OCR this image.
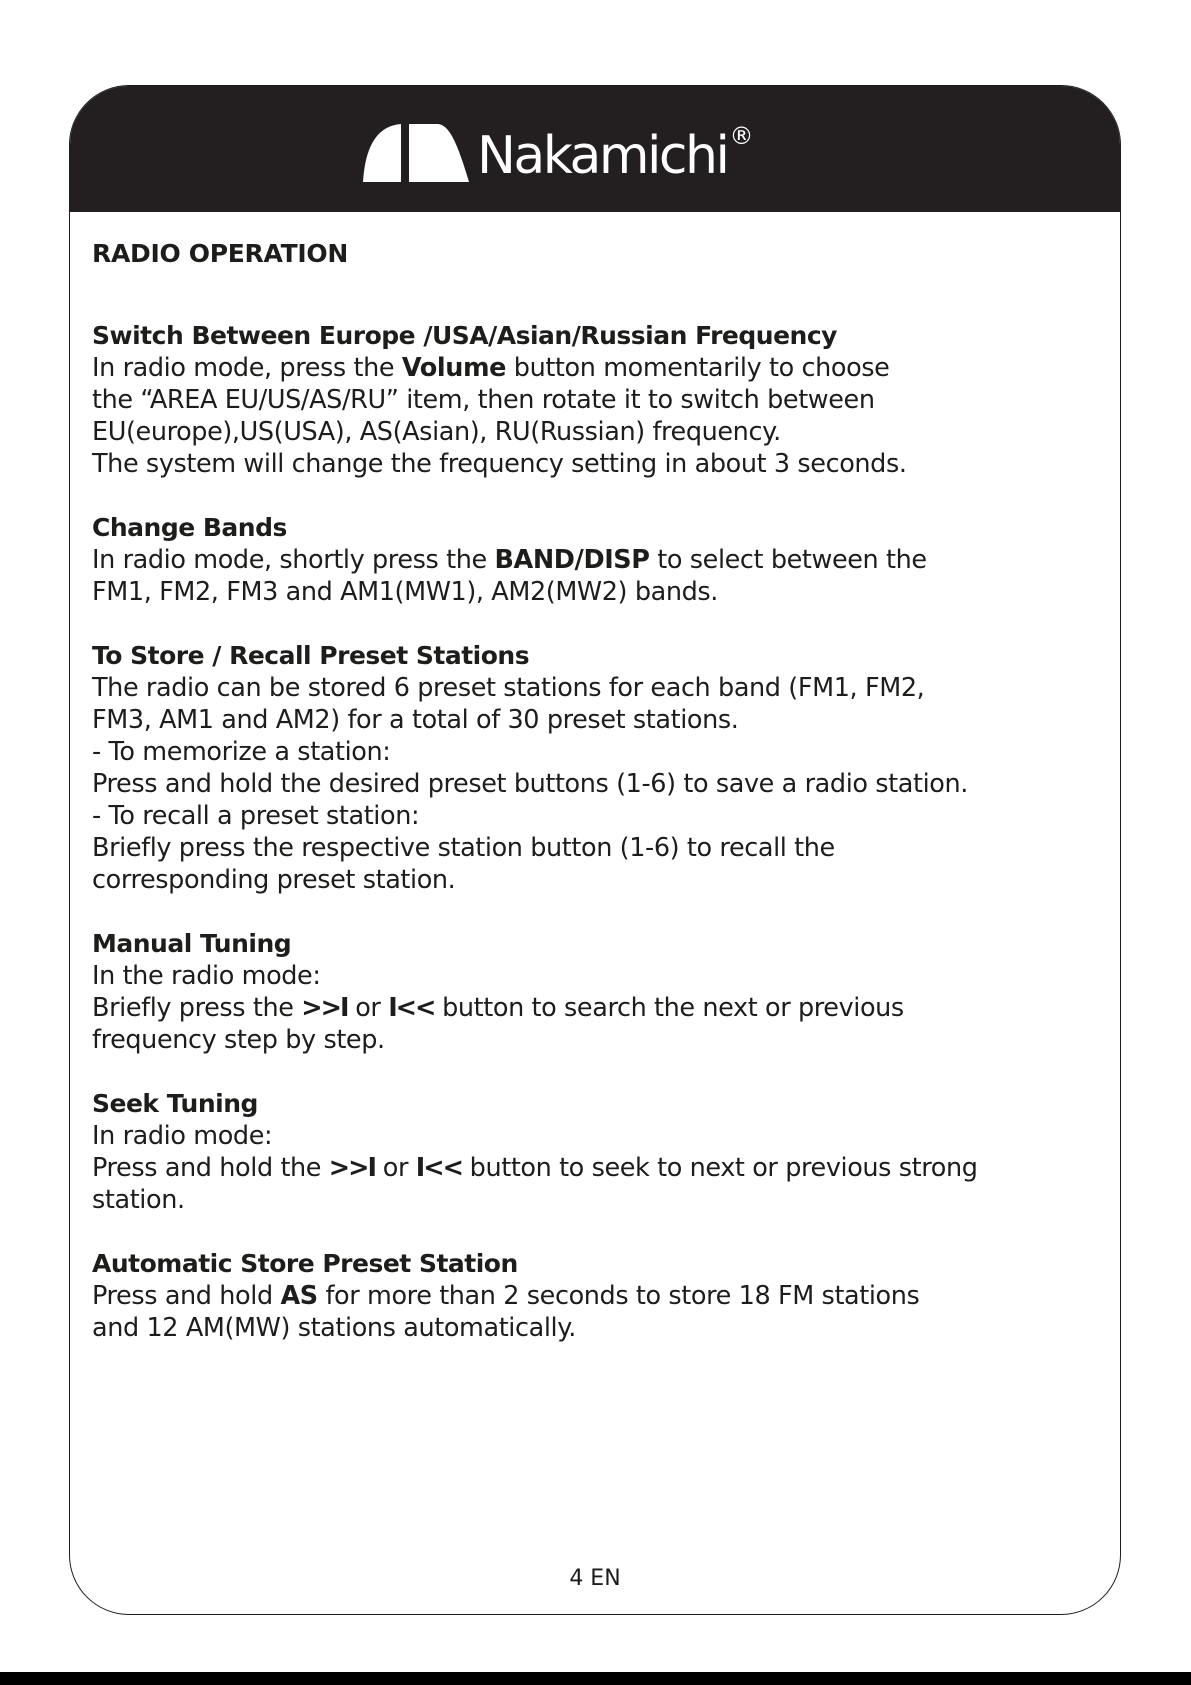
Nakamichi ®
RADIO OPERATION
Switch Between Europe /USA/Asian/Russian Frequency

In radio mode, press the Volume button momentarily to choose

the “AREA EU/US/AS/RU” item, then rotate it to switch between

EU(europe),US(USA), AS(Asian), RU(Russian) frequency.

The system will change the frequency setting in about 3 seconds.

Change Bands

In radio mode, shortly press the BAND/DISP to select between the

FM1, FM2, FM3 and AM1(MW1), AM2(MW2) bands.

To Store / Recall Preset Stations

The radio can be stored 6 preset stations for each band (FM1, FM2,

FM3, AM1 and AM2) for a total of 30 preset stations.

- To memorize a station:

Press and hold the desired preset buttons (1-6) to save a radio station.

- To recall a preset station:

Briefly press the respective station button (1-6) to recall the

corresponding preset station.

Manual Tuning

In the radio mode:

Briefly press the >>I or I<< button to search the next or previous

frequency step by step.

Seek Tuning

In radio mode:

Press and hold the >>I or I<< button to seek to next or previous strong

station.

Automatic Store Preset Station

Press and hold AS for more than 2 seconds to store 18 FM stations

and 12 AM(MW) stations automatically.

4 EN
